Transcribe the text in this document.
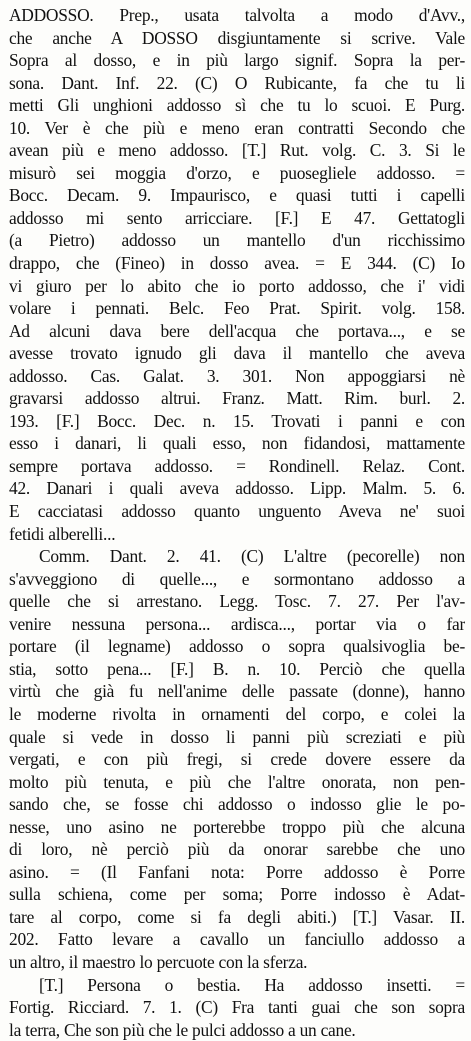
ADDOSSO. Prep., usata talvolta a modo d'Avv.,
che anche A DOSSO disgiuntamente si scrive. Vale
Sopra al dosso, e in più largo signif. Sopra la per-
sona. Dant. Inf. 22. (C) O Rubicante, fa che tu li
metti Gli unghioni addosso sì che tu lo scuoi. E Purg.
10. Ver è che più e meno eran contratti Secondo che
avean più e meno addosso. [T.] Rut. volg. C. 3. Si le
misurò sei moggia d'orzo, e puosegliele addosso. =
Bocc. Decam. 9. Impaurisco, e quasi tutti i capelli
addosso mi sento arricciare. [F.] E 47. Gettatogli
(a Pietro) addosso un mantello d'un ricchissimo
drappo, che (Fineo) in dosso avea. = E 344. (C) Io
vi giuro per lo abito che io porto addosso, che i' vidi
volare i pennati. Belc. Feo Prat. Spirit. volg. 158.
Ad alcuni dava bere dell'acqua che portava..., e se
avesse trovato ignudo gli dava il mantello che aveva
addosso. Cas. Galat. 3. 301. Non appoggiarsi nè
gravarsi addosso altrui. Franz. Matt. Rim. burl. 2.
193. [F.] Bocc. Dec. n. 15. Trovati i panni e con
esso i danari, li quali esso, non fidandosi, mattamente
sempre portava addosso. = Rondinell. Relaz. Cont.
42. Danari i quali aveva addosso. Lipp. Malm. 5. 6.
E cacciatasi addosso quanto unguento Aveva ne' suoi
fetidi alberelli...
Comm. Dant. 2. 41. (C) L'altre (pecorelle) non
s'avveggiono di quelle..., e sormontano addosso a
quelle che si arrestano. Legg. Tosc. 7. 27. Per l'av-
venire nessuna persona... ardisca..., portar via o far
portare (il legname) addosso o sopra qualsivoglia be-
stia, sotto pena... [F.] B. n. 10. Perciò che quella
virtù che già fu nell'anime delle passate (donne), hanno
le moderne rivolta in ornamenti del corpo, e colei la
quale si vede in dosso li panni più screziati e più
vergati, e con più fregi, si crede dovere essere da
molto più tenuta, e più che l'altre onorata, non pen-
sando che, se fosse chi addosso o indosso glie le po-
nesse, uno asino ne porterebbe troppo più che alcuna
di loro, nè perciò più da onorar sarebbe che uno
asino. = (Il Fanfani nota: Porre addosso è Porre
sulla schiena, come per soma; Porre indosso è Adat-
tare al corpo, come si fa degli abiti.) [T.] Vasar. II.
202. Fatto levare a cavallo un fanciullo addosso a
un altro, il maestro lo percuote con la sferza.
[T.] Persona o bestia. Ha addosso insetti. =
Fortig. Ricciard. 7. 1. (C) Fra tanti guai che son sopra
la terra, Che son più che le pulci addosso a un cane.
